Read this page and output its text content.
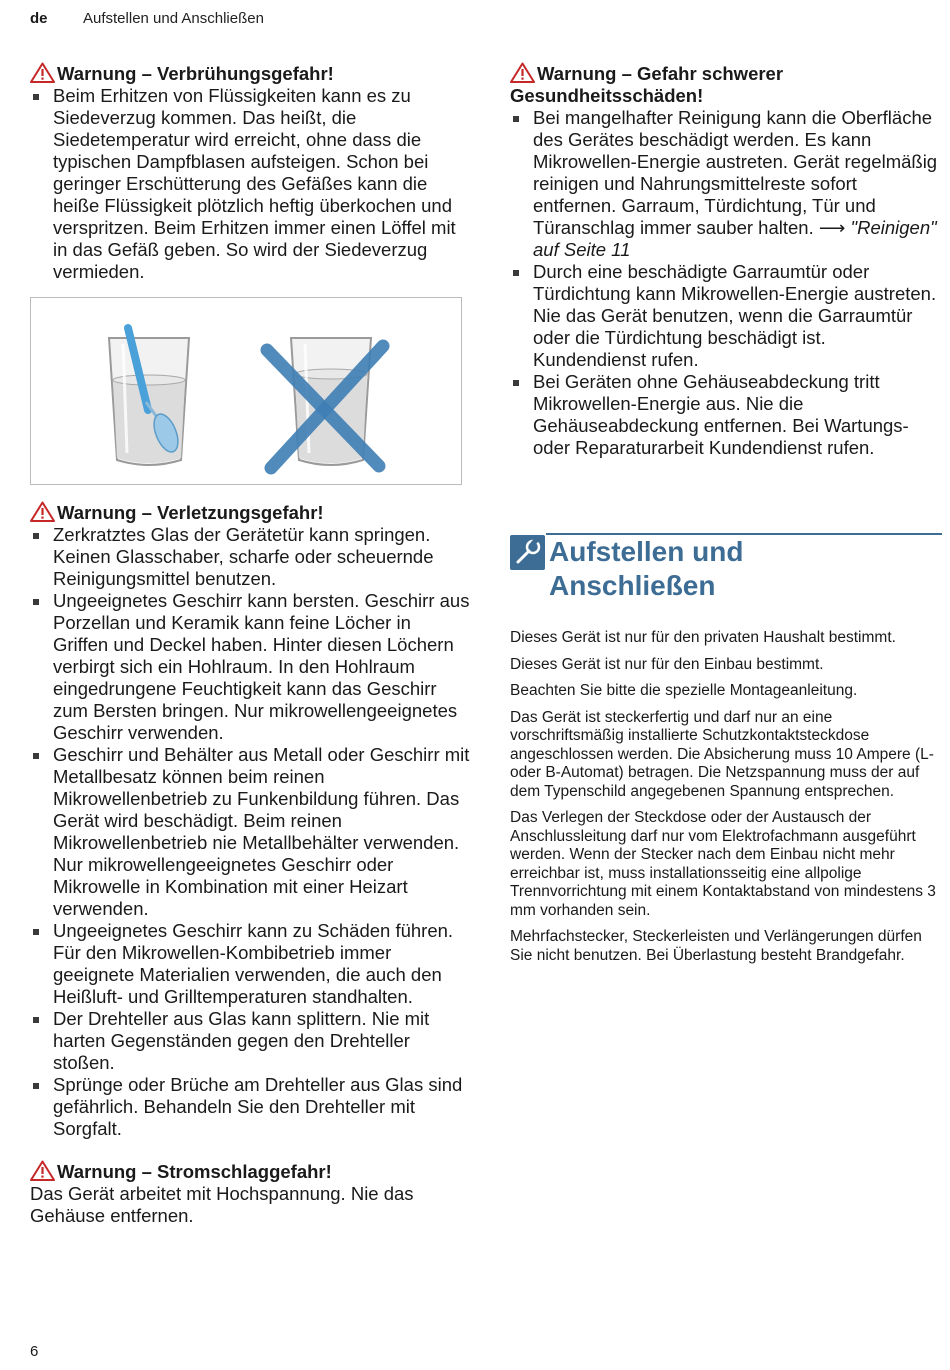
de Aufstellen und Anschließen
Warnung – Verbrühungsgefahr!
Beim Erhitzen von Flüssigkeiten kann es zu Siedeverzug kommen. Das heißt, die Siedetemperatur wird erreicht, ohne dass die typischen Dampfblasen aufsteigen. Schon bei geringer Erschütterung des Gefäßes kann die heiße Flüssigkeit plötzlich heftig überkochen und verspritzen. Beim Erhitzen immer einen Löffel mit in das Gefäß geben. So wird der Siedeverzug vermieden.
Warnung – Verletzungsgefahr!
Zerkratztes Glas der Gerätetür kann springen. Keinen Glasschaber, scharfe oder scheuernde Reinigungsmittel benutzen.
Ungeeignetes Geschirr kann bersten. Geschirr aus Porzellan und Keramik kann feine Löcher in Griffen und Deckel haben. Hinter diesen Löchern verbirgt sich ein Hohlraum. In den Hohlraum eingedrungene Feuchtigkeit kann das Geschirr zum Bersten bringen. Nur mikrowellengeeignetes Geschirr verwenden.
Geschirr und Behälter aus Metall oder Geschirr mit Metallbesatz können beim reinen Mikrowellenbetrieb zu Funkenbildung führen. Das Gerät wird beschädigt. Beim reinen Mikrowellenbetrieb nie Metallbehälter verwenden. Nur mikrowellengeeignetes Geschirr oder Mikrowelle in Kombination mit einer Heizart verwenden.
Ungeeignetes Geschirr kann zu Schäden führen. Für den Mikrowellen-Kombibetrieb immer geeignete Materialien verwenden, die auch den Heißluft- und Grilltemperaturen standhalten.
Der Drehteller aus Glas kann splittern. Nie mit harten Gegenständen gegen den Drehteller stoßen.
Sprünge oder Brüche am Drehteller aus Glas sind gefährlich. Behandeln Sie den Drehteller mit Sorgfalt.
Warnung – Stromschlaggefahr!

Das Gerät arbeitet mit Hochspannung. Nie das Gehäuse entfernen.

Warnung – Gefahr schwerer Gesundheitsschäden!
Bei mangelhafter Reinigung kann die Oberfläche des Gerätes beschädigt werden. Es kann Mikrowellen-Energie austreten. Gerät regelmäßig reinigen und Nahrungsmittelreste sofort entfernen. Garraum, Türdichtung, Tür und Türanschlag immer sauber halten. ⟶ "Reinigen" auf Seite 11
Durch eine beschädigte Garraumtür oder Türdichtung kann Mikrowellen-Energie austreten. Nie das Gerät benutzen, wenn die Garraumtür oder die Türdichtung beschädigt ist. Kundendienst rufen.
Bei Geräten ohne Gehäuseabdeckung tritt Mikrowellen-Energie aus. Nie die Gehäuseabdeckung entfernen. Bei Wartungs- oder Reparaturarbeit Kundendienst rufen.
Aufstellen und
Anschließen

Dieses Gerät ist nur für den privaten Haushalt bestimmt.

Dieses Gerät ist nur für den Einbau bestimmt.

Beachten Sie bitte die spezielle Montageanleitung.

Das Gerät ist steckerfertig und darf nur an eine vorschriftsmäßig installierte Schutzkontaktsteckdose angeschlossen werden. Die Absicherung muss 10 Ampere (L- oder B-Automat) betragen. Die Netzspannung muss der auf dem Typenschild angegebenen Spannung entsprechen.

Das Verlegen der Steckdose oder der Austausch der Anschlussleitung darf nur vom Elektrofachmann ausgeführt werden. Wenn der Stecker nach dem Einbau nicht mehr erreichbar ist, muss installationsseitig eine allpolige Trennvorrichtung mit einem Kontaktabstand von mindestens 3 mm vorhanden sein.

Mehrfachstecker, Steckerleisten und Verlängerungen dürfen Sie nicht benutzen. Bei Überlastung besteht Brandgefahr.

6
